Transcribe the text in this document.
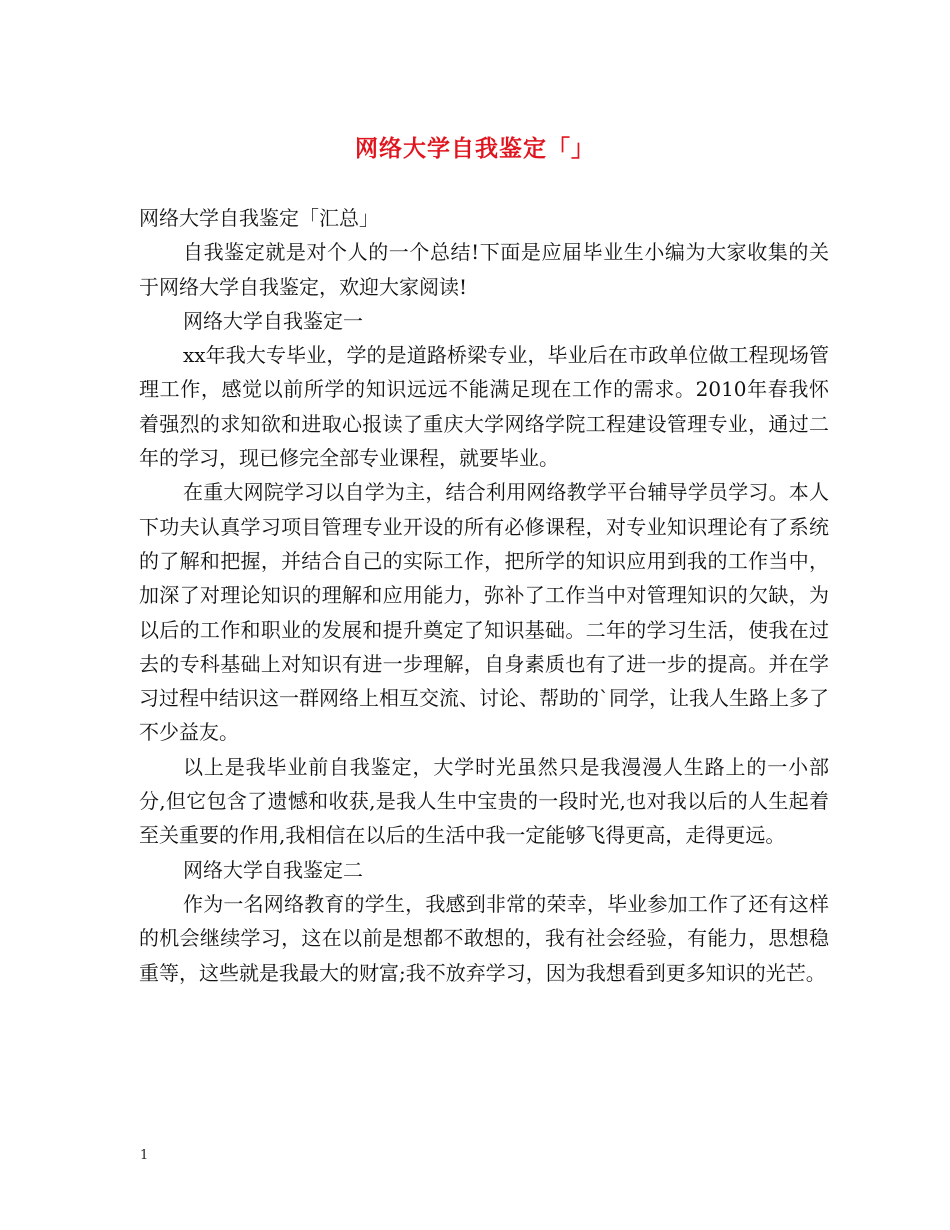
网络大学自我鉴定「」

网络大学自我鉴定「汇总」

自我鉴定就是对个人的一个总结!下面是应届毕业生小编为大家收集的关于网络大学自我鉴定，欢迎大家阅读!

网络大学自我鉴定一

xx年我大专毕业，学的是道路桥梁专业，毕业后在市政单位做工程现场管理工作，感觉以前所学的知识远远不能满足现在工作的需求。2010年春我怀着强烈的求知欲和进取心报读了重庆大学网络学院工程建设管理专业，通过二年的学习，现已修完全部专业课程，就要毕业。

在重大网院学习以自学为主，结合利用网络教学平台辅导学员学习。本人下功夫认真学习项目管理专业开设的所有必修课程，对专业知识理论有了系统的了解和把握，并结合自己的实际工作，把所学的知识应用到我的工作当中，加深了对理论知识的理解和应用能力，弥补了工作当中对管理知识的欠缺，为以后的工作和职业的发展和提升奠定了知识基础。二年的学习生活，使我在过去的专科基础上对知识有进一步理解，自身素质也有了进一步的提高。并在学习过程中结识这一群网络上相互交流、讨论、帮助的`同学，让我人生路上多了不少益友。

以上是我毕业前自我鉴定，大学时光虽然只是我漫漫人生路上的一小部分,但它包含了遗憾和收获,是我人生中宝贵的一段时光,也对我以后的人生起着至关重要的作用,我相信在以后的生活中我一定能够飞得更高，走得更远。

网络大学自我鉴定二

作为一名网络教育的学生，我感到非常的荣幸，毕业参加工作了还有这样的机会继续学习，这在以前是想都不敢想的，我有社会经验，有能力，思想稳重等，这些就是我最大的财富;我不放弃学习，因为我想看到更多知识的光芒。

1
